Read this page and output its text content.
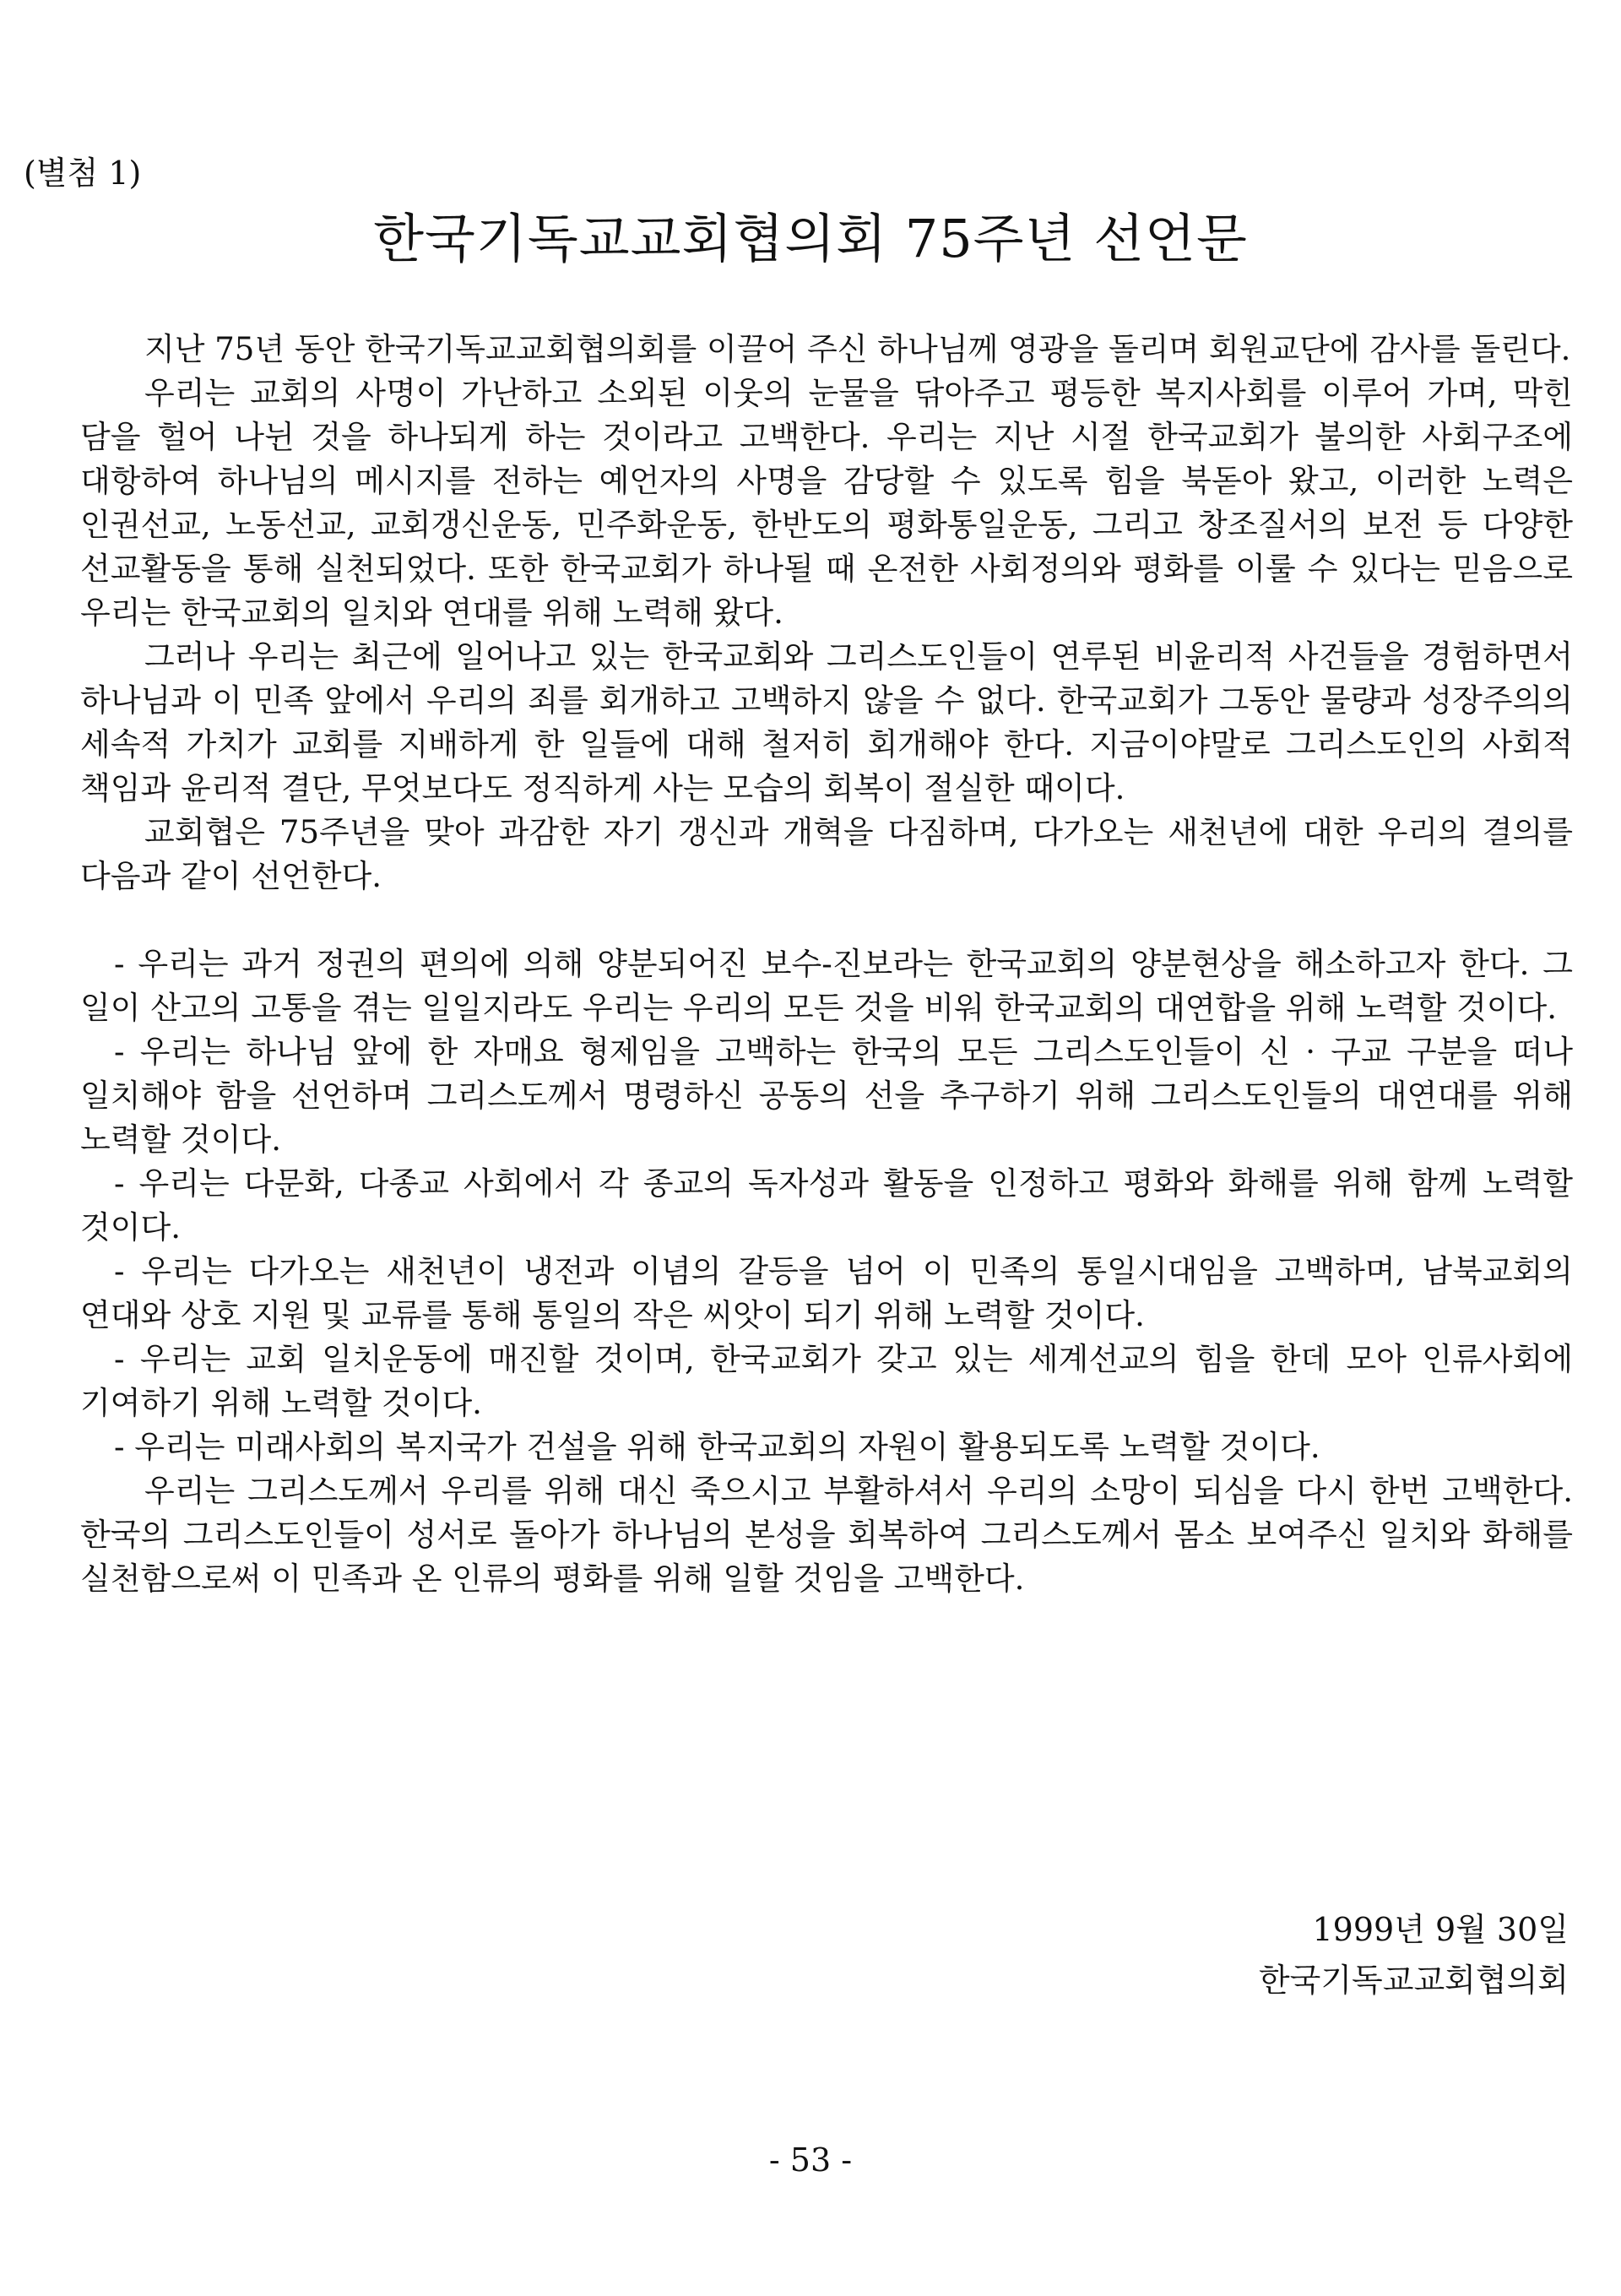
(별첨 1)
한국기독교교회협의회 75주년 선언문

지난 75년 동안 한국기독교교회협의회를 이끌어 주신 하나님께 영광을 돌리며 회원교단에 감사를 돌린다.

우리는 교회의 사명이 가난하고 소외된 이웃의 눈물을 닦아주고 평등한 복지사회를 이루어 가며, 막힌 담을 헐어 나뉜 것을 하나되게 하는 것이라고 고백한다. 우리는 지난 시절 한국교회가 불의한 사회구조에 대항하여 하나님의 메시지를 전하는 예언자의 사명을 감당할 수 있도록 힘을 북돋아 왔고, 이러한 노력은 인권선교, 노동선교, 교회갱신운동, 민주화운동, 한반도의 평화통일운동, 그리고 창조질서의 보전 등 다양한 선교활동을 통해 실천되었다. 또한 한국교회가 하나될 때 온전한 사회정의와 평화를 이룰 수 있다는 믿음으로 우리는 한국교회의 일치와 연대를 위해 노력해 왔다.

그러나 우리는 최근에 일어나고 있는 한국교회와 그리스도인들이 연루된 비윤리적 사건들을 경험하면서 하나님과 이 민족 앞에서 우리의 죄를 회개하고 고백하지 않을 수 없다. 한국교회가 그동안 물량과 성장주의의 세속적 가치가 교회를 지배하게 한 일들에 대해 철저히 회개해야 한다. 지금이야말로 그리스도인의 사회적 책임과 윤리적 결단, 무엇보다도 정직하게 사는 모습의 회복이 절실한 때이다.

교회협은 75주년을 맞아 과감한 자기 갱신과 개혁을 다짐하며, 다가오는 새천년에 대한 우리의 결의를 다음과 같이 선언한다.

- 우리는 과거 정권의 편의에 의해 양분되어진 보수-진보라는 한국교회의 양분현상을 해소하고자 한다. 그 일이 산고의 고통을 겪는 일일지라도 우리는 우리의 모든 것을 비워 한국교회의 대연합을 위해 노력할 것이다.

- 우리는 하나님 앞에 한 자매요 형제임을 고백하는 한국의 모든 그리스도인들이 신 · 구교 구분을 떠나 일치해야 함을 선언하며 그리스도께서 명령하신 공동의 선을 추구하기 위해 그리스도인들의 대연대를 위해 노력할 것이다.

- 우리는 다문화, 다종교 사회에서 각 종교의 독자성과 활동을 인정하고 평화와 화해를 위해 함께 노력할 것이다.

- 우리는 다가오는 새천년이 냉전과 이념의 갈등을 넘어 이 민족의 통일시대임을 고백하며, 남북교회의 연대와 상호 지원 및 교류를 통해 통일의 작은 씨앗이 되기 위해 노력할 것이다.

- 우리는 교회 일치운동에 매진할 것이며, 한국교회가 갖고 있는 세계선교의 힘을 한데 모아 인류사회에 기여하기 위해 노력할 것이다.

- 우리는 미래사회의 복지국가 건설을 위해 한국교회의 자원이 활용되도록 노력할 것이다.

우리는 그리스도께서 우리를 위해 대신 죽으시고 부활하셔서 우리의 소망이 되심을 다시 한번 고백한다. 한국의 그리스도인들이 성서로 돌아가 하나님의 본성을 회복하여 그리스도께서 몸소 보여주신 일치와 화해를 실천함으로써 이 민족과 온 인류의 평화를 위해 일할 것임을 고백한다.

1999년 9월 30일
한국기독교교회협의회
- 53 -
